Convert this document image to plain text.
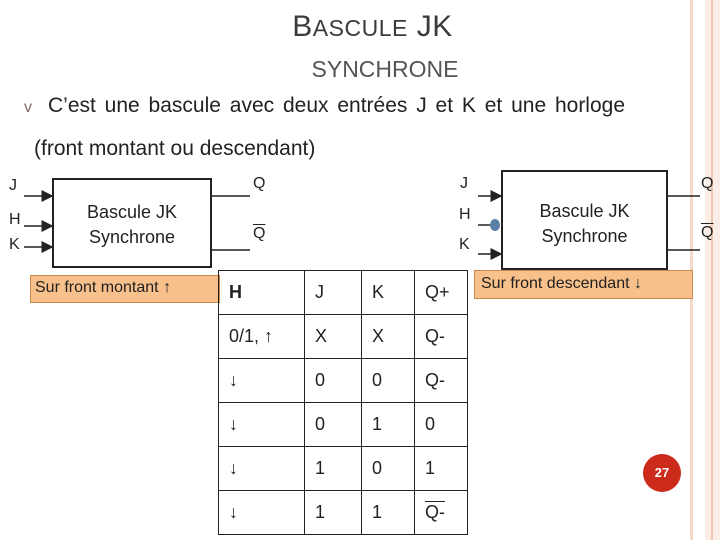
BASCULE JK
SYNCHRONE
v C’est une bascule avec deux entrées J et K et une horloge
(front montant ou descendant)
J
H
K
Bascule JK
Synchrone
Q
$\overline{Q}$
Sur front montant ↑
J
H
K
Bascule JK
Synchrone
Q
$\overline{Q}$
Sur front descendant ↓
H	J	K	Q+
0/1, ↑	X	X	Q-
↓	0	0	Q-
↓	0	1	0
↓	1	0	1
↓	1	1	Q-
27
